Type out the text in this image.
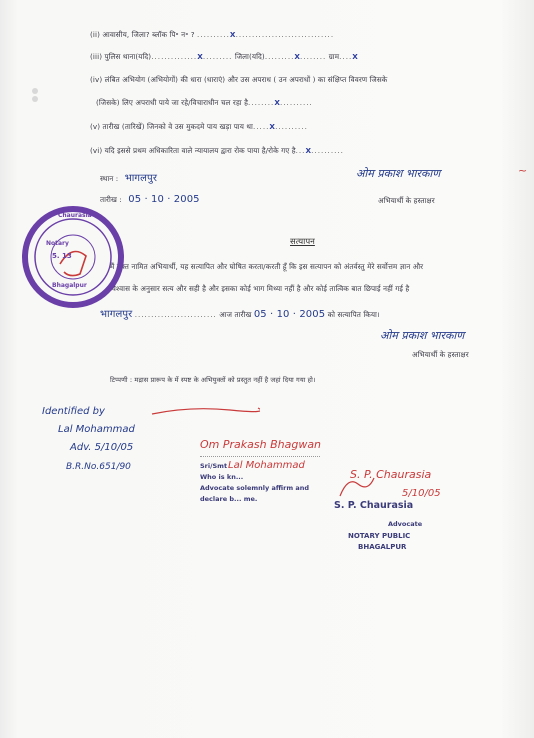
(ii) आवासीय, जिला? ब्लॉक पि॰ न॰ ? ..........X..............................
(iii) पुलिस थाना(यदि)..............X......... जिला(यदि).........X........ ग्राम....X
(iv) लंबित अभियोग (अभियोगों) की धारा (धाराएं) और उस अपराध ( उन अपराधों ) का संक्षिप्त विवरण जिसके
(जिसके) लिए अपराधी पाये जा रहे/विचाराधीन चल रहा है........X..........
(v) तारीख (तारिखें) जिनको वे उस मुकदमे पाय खड़ा पाय था.....X..........
(vi) यदि इससे प्रथम अधिकारिता वाले न्यायालय द्वारा रोक पाया है/रोके गए है...X..........
स्थान : भागलपुर	ओम प्रकाश भारकाण	~
तारीख : 05 · 10 · 2005	अभियार्थी के हस्ताक्षर
सत्यापन
मैं उक्त नामित अभियार्थी, यह सत्यापित और घोषित करता/करती हूँ कि इस सत्यापन को अंतर्वस्तु मेरे सर्वोत्तम ज्ञान और
विश्वास के अनुसार सत्य और सही है और इसका कोई भाग मिथ्या नहीं है और कोई तात्विक बात छिपाई नहीं गई है
भागलपुर ......................... आज तारीख 05 · 10 · 2005 को सत्यापित किया।
ओम प्रकाश भारकाण
अभियार्थी के हस्ताक्षर
टिप्पणी : मद्रास प्रारूप के में स्पष्ट के अभियुक्तों को प्रस्तुत नहीं है जहां दिया गया हो।
Chaurasia
Notary
5. 13
Bhagalpur
Identified by
Lal Mohammad
Adv. 5/10/05
B.R.No.651/90
Om Prakash Bhagwan
Lal Mohammad
Sri/Smt
Who is kn...
Advocate solemnly affirm and
declare b... me.
S. P. Chaurasia
5/10/05
S. P. Chaurasia
Advocate
NOTARY PUBLIC
BHAGALPUR
